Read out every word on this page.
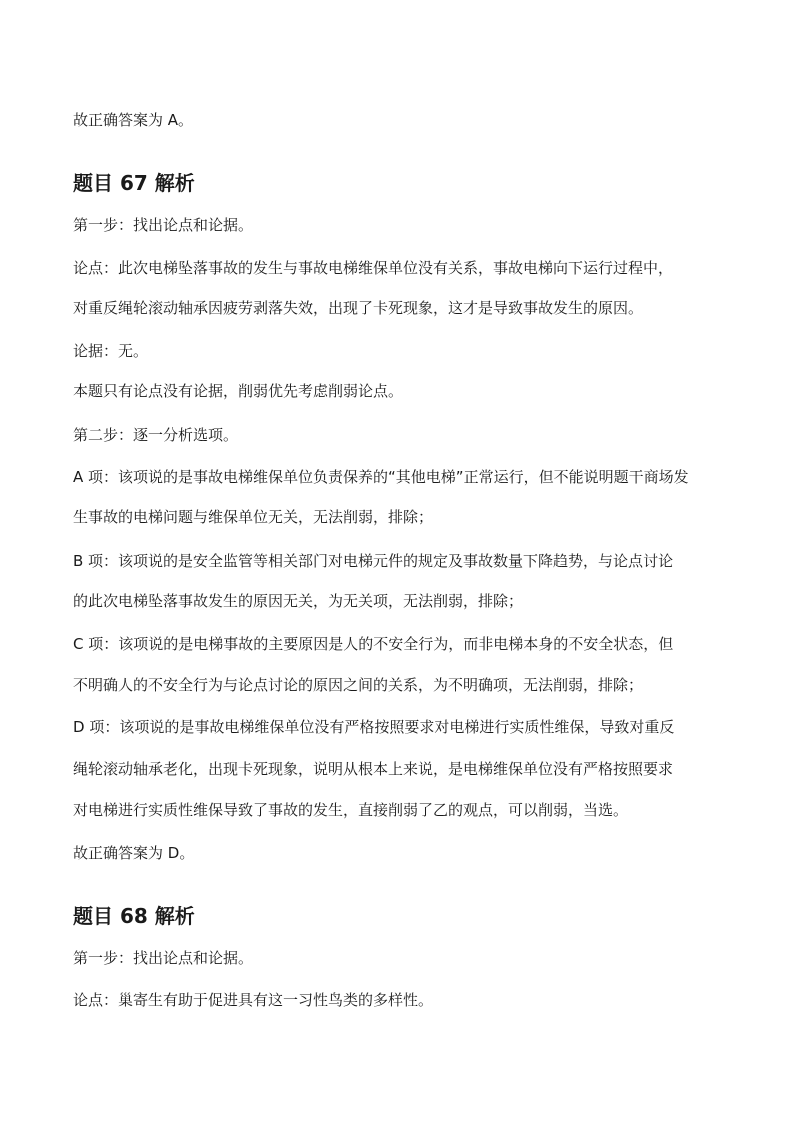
故正确答案为 A。
题目 67 解析
第一步：找出论点和论据。
论点：此次电梯坠落事故的发生与事故电梯维保单位没有关系，事故电梯向下运行过程中，
对重反绳轮滚动轴承因疲劳剥落失效，出现了卡死现象，这才是导致事故发生的原因。
论据：无。
本题只有论点没有论据，削弱优先考虑削弱论点。
第二步：逐一分析选项。
A 项：该项说的是事故电梯维保单位负责保养的“其他电梯”正常运行，但不能说明题干商场发
生事故的电梯问题与维保单位无关，无法削弱，排除；
B 项：该项说的是安全监管等相关部门对电梯元件的规定及事故数量下降趋势，与论点讨论
的此次电梯坠落事故发生的原因无关，为无关项，无法削弱，排除；
C 项：该项说的是电梯事故的主要原因是人的不安全行为，而非电梯本身的不安全状态，但
不明确人的不安全行为与论点讨论的原因之间的关系，为不明确项，无法削弱，排除；
D 项：该项说的是事故电梯维保单位没有严格按照要求对电梯进行实质性维保，导致对重反
绳轮滚动轴承老化，出现卡死现象，说明从根本上来说，是电梯维保单位没有严格按照要求
对电梯进行实质性维保导致了事故的发生，直接削弱了乙的观点，可以削弱，当选。
故正确答案为 D。
题目 68 解析
第一步：找出论点和论据。
论点：巢寄生有助于促进具有这一习性鸟类的多样性。
